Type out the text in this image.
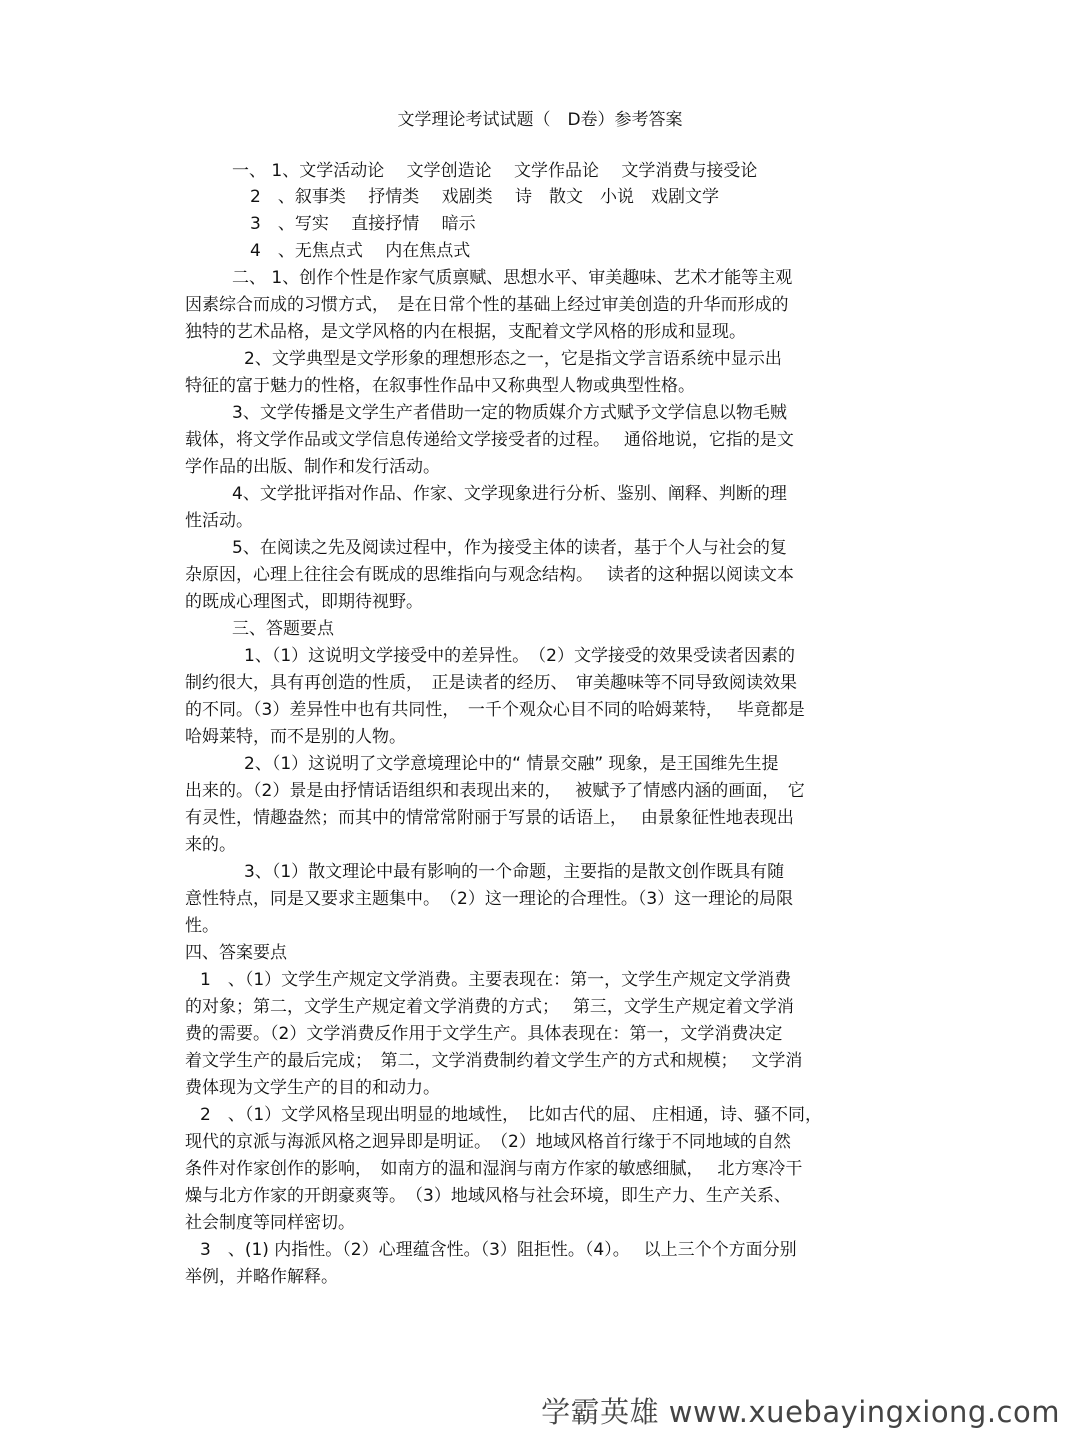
文学理论考试试题（　D卷）参考答案
一、 1、文学活动论　 文学创造论　 文学作品论　 文学消费与接受论
2　、叙事类　 抒情类　 戏剧类　 诗　散文　小说　戏剧文学
3　、写实　 直接抒情　 暗示
4　、无焦点式　 内在焦点式
二、 1、创作个性是作家气质禀赋、思想水平、审美趣味、艺术才能等主观
因素综合而成的习惯方式，　是在日常个性的基础上经过审美创造的升华而形成的
独特的艺术品格，是文学风格的内在根据，支配着文学风格的形成和显现。
2、文学典型是文学形象的理想形态之一，它是指文学言语系统中显示出
特征的富于魅力的性格，在叙事性作品中又称典型人物或典型性格。
3、文学传播是文学生产者借助一定的物质媒介方式赋予文学信息以物毛贼
载体，将文学作品或文学信息传递给文学接受者的过程。　 通俗地说，它指的是文
学作品的出版、制作和发行活动。
4、文学批评指对作品、作家、文学现象进行分析、鉴别、阐释、判断的理
性活动。
5、在阅读之先及阅读过程中，作为接受主体的读者，基于个人与社会的复
杂原因，心理上往往会有既成的思维指向与观念结构。　 读者的这种据以阅读文本
的既成心理图式，即期待视野。
三、答题要点
1、（1）这说明文学接受中的差异性。　（2）文学接受的效果受读者因素的
制约很大，具有再创造的性质，　正是读者的经历、　审美趣味等不同导致阅读效果
的不同。（3）差异性中也有共同性，　一千个观众心目不同的哈姆莱特，　 毕竟都是
哈姆莱特，而不是别的人物。
2、（1）这说明了文学意境理论中的“ 情景交融” 现象，是王国维先生提
出来的。（2）景是由抒情话语组织和表现出来的，　 被赋予了情感内涵的画面，　它
有灵性，情趣盎然；而其中的情常常附丽于写景的话语上，　 由景象征性地表现出
来的。
3、（1）散文理论中最有影响的一个命题，主要指的是散文创作既具有随
意性特点，同是又要求主题集中。　（2）这一理论的合理性。（3）这一理论的局限
性。
四、答案要点
1　、（1）文学生产规定文学消费。主要表现在：第一，文学生产规定文学消费
的对象；第二，文学生产规定着文学消费的方式；　 第三，文学生产规定着文学消
费的需要。（2）文学消费反作用于文学生产。具体表现在：第一，文学消费决定
着文学生产的最后完成；　第二，文学消费制约着文学生产的方式和规模；　 文学消
费体现为文学生产的目的和动力。
2　、（1）文学风格呈现出明显的地域性，　比如古代的屈、 庄相通，诗、骚不同，
现代的京派与海派风格之迥异即是明证。　（2）地域风格首行缘于不同地域的自然
条件对作家创作的影响，　如南方的温和湿润与南方作家的敏感细腻，　 北方寒冷干
燥与北方作家的开朗豪爽等。　（3）地域风格与社会环境，即生产力、生产关系、
社会制度等同样密切。
3　、(1) 内指性。（2）心理蕴含性。（3）阻拒性。（4）。　 以上三个个方面分别
举例，并略作解释。
学霸英雄 www.xuebayingxiong.com
